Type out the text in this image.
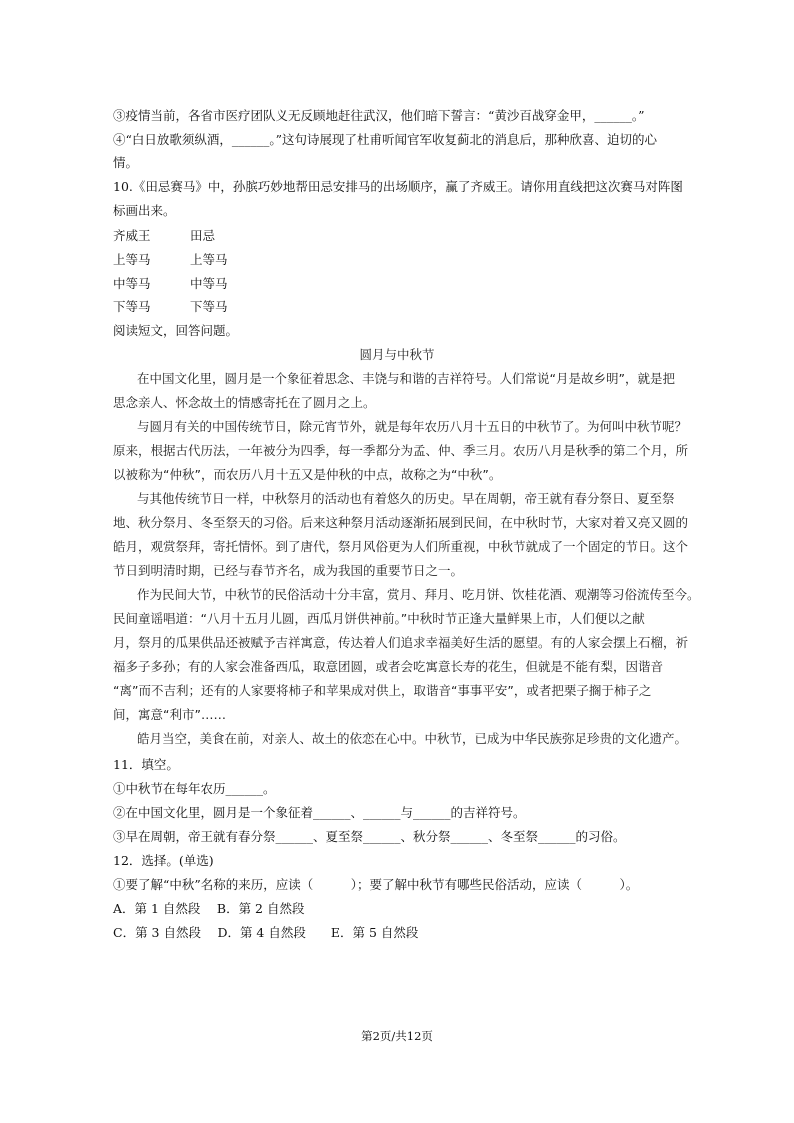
③疫情当前，各省市医疗团队义无反顾地赶往武汉，他们暗下誓言：“黄沙百战穿金甲，______。”
④“白日放歌须纵酒，______。”这句诗展现了杜甫听闻官军收复蓟北的消息后，那种欣喜、迫切的心
情。
10.《田忌赛马》中，孙膑巧妙地帮田忌安排马的出场顺序，赢了齐威王。请你用直线把这次赛马对阵图
标画出来。
齐威王	田忌
上等马	上等马
中等马	中等马
下等马	下等马
阅读短文，回答问题。
圆月与中秋节
在中国文化里，圆月是一个象征着思念、丰饶与和谐的吉祥符号。人们常说“月是故乡明”，就是把
思念亲人、怀念故土的情感寄托在了圆月之上。
与圆月有关的中国传统节日，除元宵节外，就是每年农历八月十五日的中秋节了。为何叫中秋节呢？
原来，根据古代历法，一年被分为四季，每一季都分为孟、仲、季三月。农历八月是秋季的第二个月，所
以被称为“仲秋”，而农历八月十五又是仲秋的中点，故称之为“中秋”。
与其他传统节日一样，中秋祭月的活动也有着悠久的历史。早在周朝，帝王就有春分祭日、夏至祭
地、秋分祭月、冬至祭天的习俗。后来这种祭月活动逐渐拓展到民间，在中秋时节，大家对着又亮又圆的
皓月，观赏祭拜，寄托情怀。到了唐代，祭月风俗更为人们所重视，中秋节就成了一个固定的节日。这个
节日到明清时期，已经与春节齐名，成为我国的重要节日之一。
作为民间大节，中秋节的民俗活动十分丰富，赏月、拜月、吃月饼、饮桂花酒、观潮等习俗流传至今。
民间童谣唱道：“八月十五月儿圆，西瓜月饼供神前。”中秋时节正逢大量鲜果上市，人们便以之献
月，祭月的瓜果供品还被赋予吉祥寓意，传达着人们追求幸福美好生活的愿望。有的人家会摆上石榴，祈
福多子多孙；有的人家会准备西瓜，取意团圆，或者会吃寓意长寿的花生，但就是不能有梨，因谐音
“离”而不吉利；还有的人家要将柿子和苹果成对供上，取谐音“事事平安”，或者把栗子搁于柿子之
间，寓意“利市”……
皓月当空，美食在前，对亲人、故土的依恋在心中。中秋节，已成为中华民族弥足珍贵的文化遗产。
11．填空。
①中秋节在每年农历______。
②在中国文化里，圆月是一个象征着______、______与______的吉祥符号。
③早在周朝，帝王就有春分祭______、夏至祭______、秋分祭______、冬至祭______的习俗。
12．选择。(单选)
①要了解“中秋”名称的来历，应读（　　　）；要了解中秋节有哪些民俗活动，应读（　　　）。
A．第 1 自然段　 B．第 2 自然段
C．第 3 自然段　 D．第 4 自然段　　E．第 5 自然段
第2页/共12页
